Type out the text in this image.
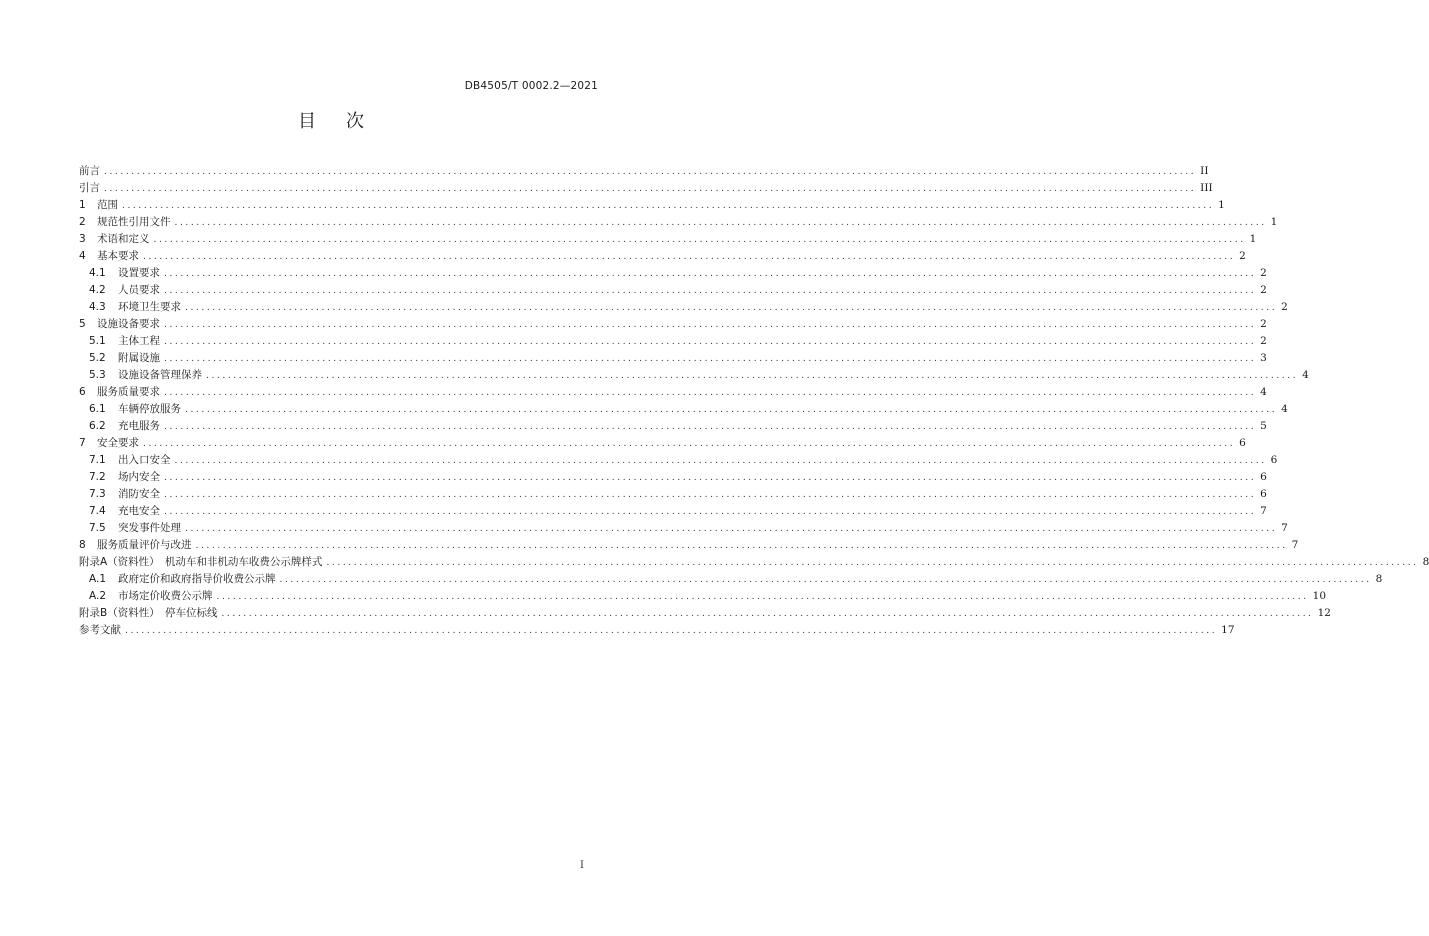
DB4505/T 0002.2—2021
目次
前言 ........................................................................................................................................................................................................ II
引言 ........................................................................................................................................................................................................ III
1 范围 ........................................................................................................................................................................................................ 1
2 规范性引用文件 ........................................................................................................................................................................................................ 1
3 术语和定义 ........................................................................................................................................................................................................ 1
4 基本要求 ........................................................................................................................................................................................................ 2
4.1 设置要求 ........................................................................................................................................................................................................ 2
4.2 人员要求 ........................................................................................................................................................................................................ 2
4.3 环境卫生要求 ........................................................................................................................................................................................................ 2
5 设施设备要求 ........................................................................................................................................................................................................ 2
5.1 主体工程 ........................................................................................................................................................................................................ 2
5.2 附属设施 ........................................................................................................................................................................................................ 3
5.3 设施设备管理保养 ........................................................................................................................................................................................................ 4
6 服务质量要求 ........................................................................................................................................................................................................ 4
6.1 车辆停放服务 ........................................................................................................................................................................................................ 4
6.2 充电服务 ........................................................................................................................................................................................................ 5
7 安全要求 ........................................................................................................................................................................................................ 6
7.1 出入口安全 ........................................................................................................................................................................................................ 6
7.2 场内安全 ........................................................................................................................................................................................................ 6
7.3 消防安全 ........................................................................................................................................................................................................ 6
7.4 充电安全 ........................................................................................................................................................................................................ 7
7.5 突发事件处理 ........................................................................................................................................................................................................ 7
8 服务质量评价与改进 ........................................................................................................................................................................................................ 7
附录A（资料性）　机动车和非机动车收费公示牌样式 ........................................................................................................................................................................................................ 8
A.1 政府定价和政府指导价收费公示牌 ........................................................................................................................................................................................................ 8
A.2 市场定价收费公示牌 ........................................................................................................................................................................................................ 10
附录B（资料性）　停车位标线 ........................................................................................................................................................................................................ 12
参考文献 ........................................................................................................................................................................................................ 17
I
